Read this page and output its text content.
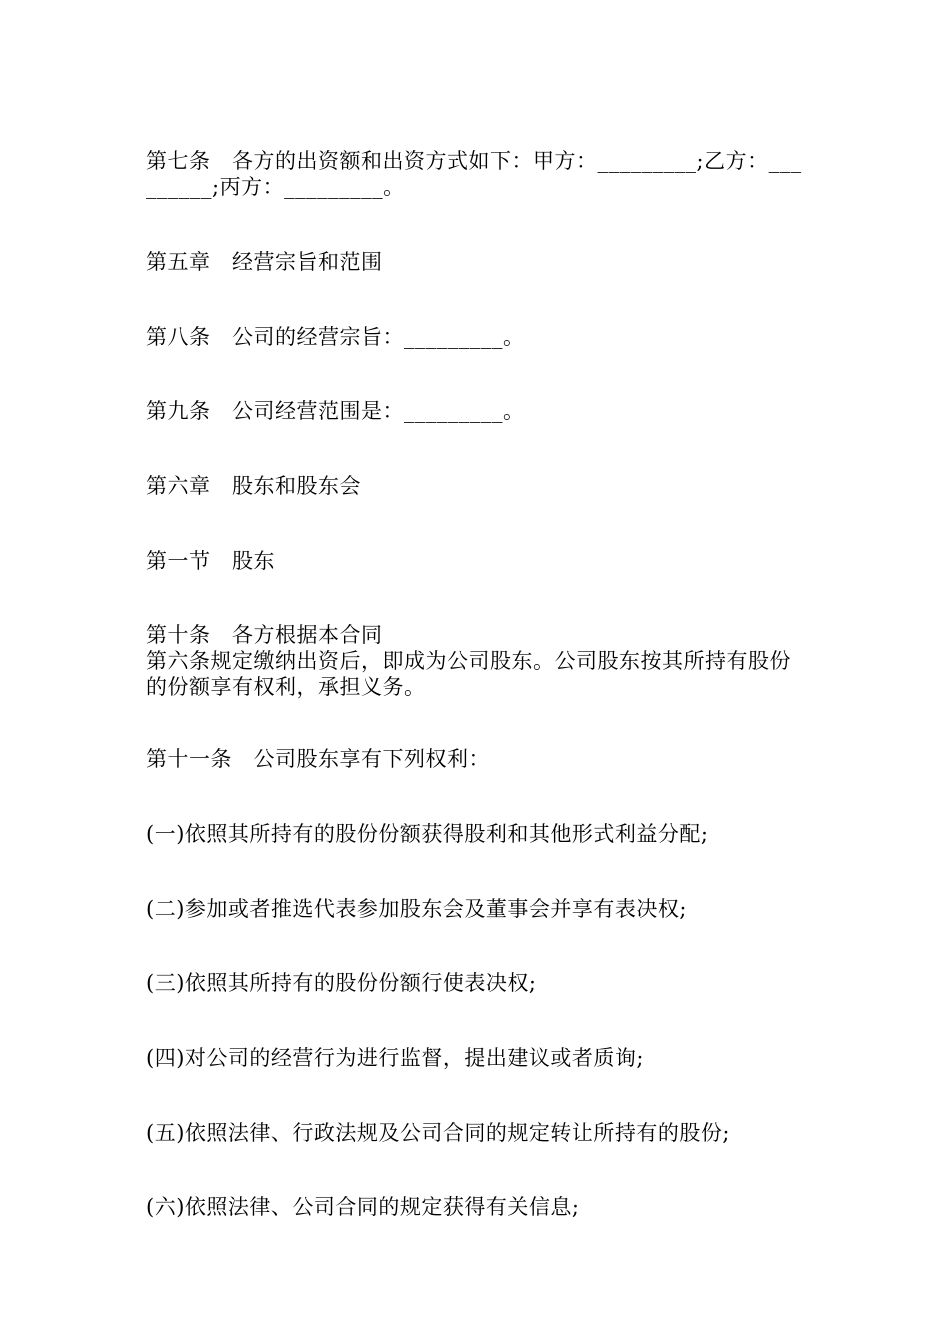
第七条　各方的出资额和出资方式如下：甲方：_________;乙方：_________;丙方：_________。
第五章　经营宗旨和范围
第八条　公司的经营宗旨：_________。
第九条　公司经营范围是：_________。
第六章　股东和股东会
第一节　股东
第十条　各方根据本合同
第六条规定缴纳出资后，即成为公司股东。公司股东按其所持有股份的份额享有权利，承担义务。
第十一条　公司股东享有下列权利：
(一)依照其所持有的股份份额获得股利和其他形式利益分配;
(二)参加或者推选代表参加股东会及董事会并享有表决权;
(三)依照其所持有的股份份额行使表决权;
(四)对公司的经营行为进行监督，提出建议或者质询;
(五)依照法律、行政法规及公司合同的规定转让所持有的股份;
(六)依照法律、公司合同的规定获得有关信息;
